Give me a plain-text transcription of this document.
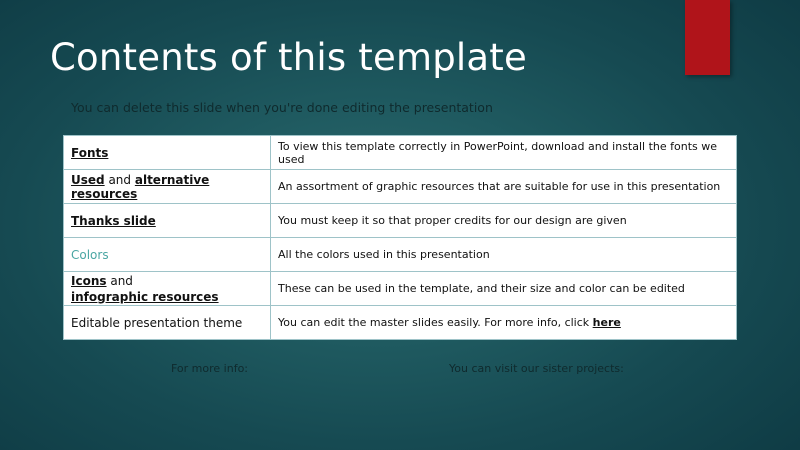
Contents of this template

You can delete this slide when you're done editing the presentation

Fonts	To view this template correctly in PowerPoint, download and install the fonts we used
Used and alternative resources	An assortment of graphic resources that are suitable for use in this presentation
Thanks slide	You must keep it so that proper credits for our design are given
Colors	All the colors used in this presentation
Icons and
infographic resources	These can be used in the template, and their size and color can be edited
Editable presentation theme	You can edit the master slides easily. For more info, click here

For more info:	You can visit our sister projects:
